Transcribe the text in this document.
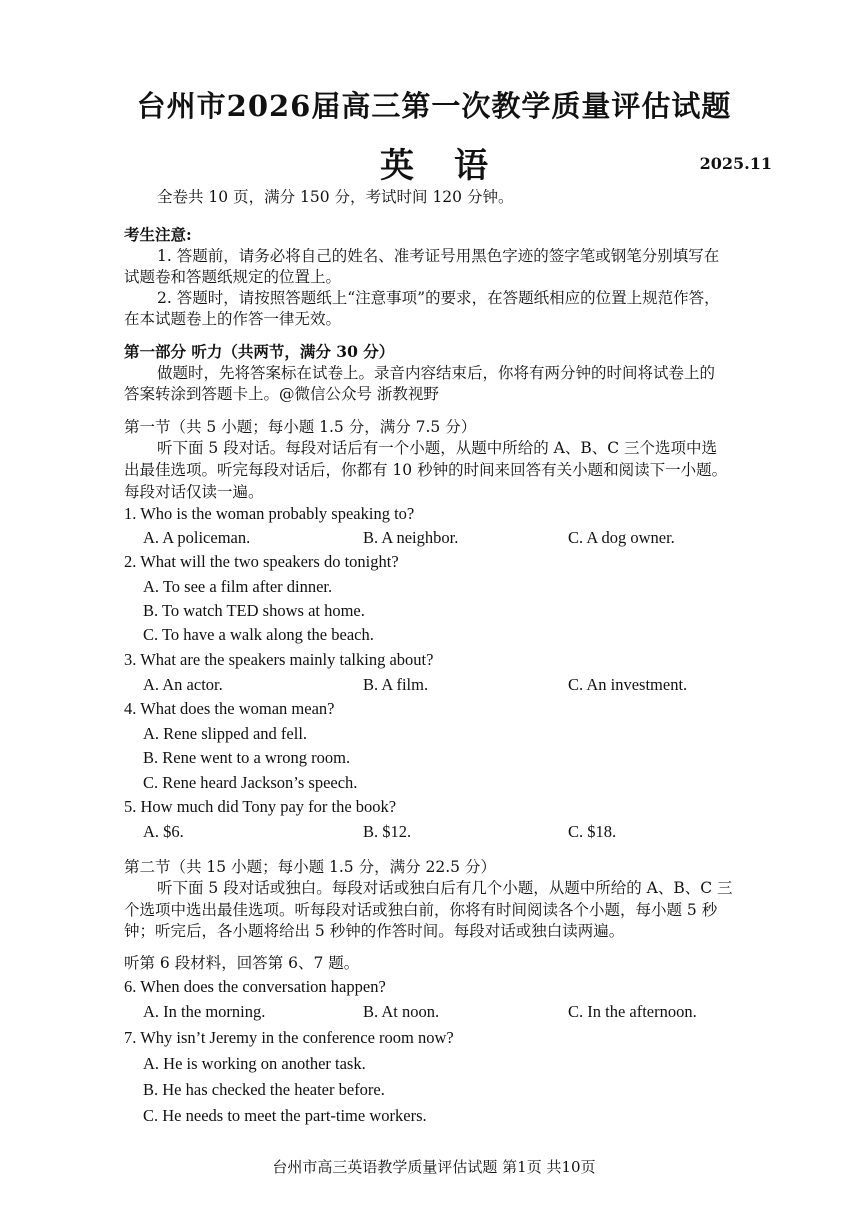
台州市2026届高三第一次教学质量评估试题
英语	2025.11
全卷共 10 页，满分 150 分，考试时间 120 分钟。
考生注意:
1. 答题前，请务必将自己的姓名、准考证号用黑色字迹的签字笔或钢笔分别填写在
试题卷和答题纸规定的位置上。
2. 答题时，请按照答题纸上“注意事项”的要求，在答题纸相应的位置上规范作答，
在本试题卷上的作答一律无效。
第一部分 听力（共两节，满分 30 分）
做题时，先将答案标在试卷上。录音内容结束后，你将有两分钟的时间将试卷上的
答案转涂到答题卡上。@微信公众号 浙教视野
第一节（共 5 小题；每小题 1.5 分，满分 7.5 分）
听下面 5 段对话。每段对话后有一个小题，从题中所给的 A、B、C 三个选项中选
出最佳选项。听完每段对话后，你都有 10 秒钟的时间来回答有关小题和阅读下一小题。
每段对话仅读一遍。
1. Who is the woman probably speaking to?
A. A policeman.	B. A neighbor.	C. A dog owner.
2. What will the two speakers do tonight?
A. To see a film after dinner.
B. To watch TED shows at home.
C. To have a walk along the beach.
3. What are the speakers mainly talking about?
A. An actor.	B. A film.	C. An investment.
4. What does the woman mean?
A. Rene slipped and fell.
B. Rene went to a wrong room.
C. Rene heard Jackson’s speech.
5. How much did Tony pay for the book?
A. $6.	B. $12.	C. $18.
第二节（共 15 小题；每小题 1.5 分，满分 22.5 分）
听下面 5 段对话或独白。每段对话或独白后有几个小题，从题中所给的 A、B、C 三
个选项中选出最佳选项。听每段对话或独白前，你将有时间阅读各个小题，每小题 5 秒
钟；听完后，各小题将给出 5 秒钟的作答时间。每段对话或独白读两遍。
听第 6 段材料，回答第 6、7 题。
6. When does the conversation happen?
A. In the morning.	B. At noon.	C. In the afternoon.
7. Why isn’t Jeremy in the conference room now?
A. He is working on another task.
B. He has checked the heater before.
C. He needs to meet the part-time workers.
台州市高三英语教学质量评估试题 第1页 共10页
